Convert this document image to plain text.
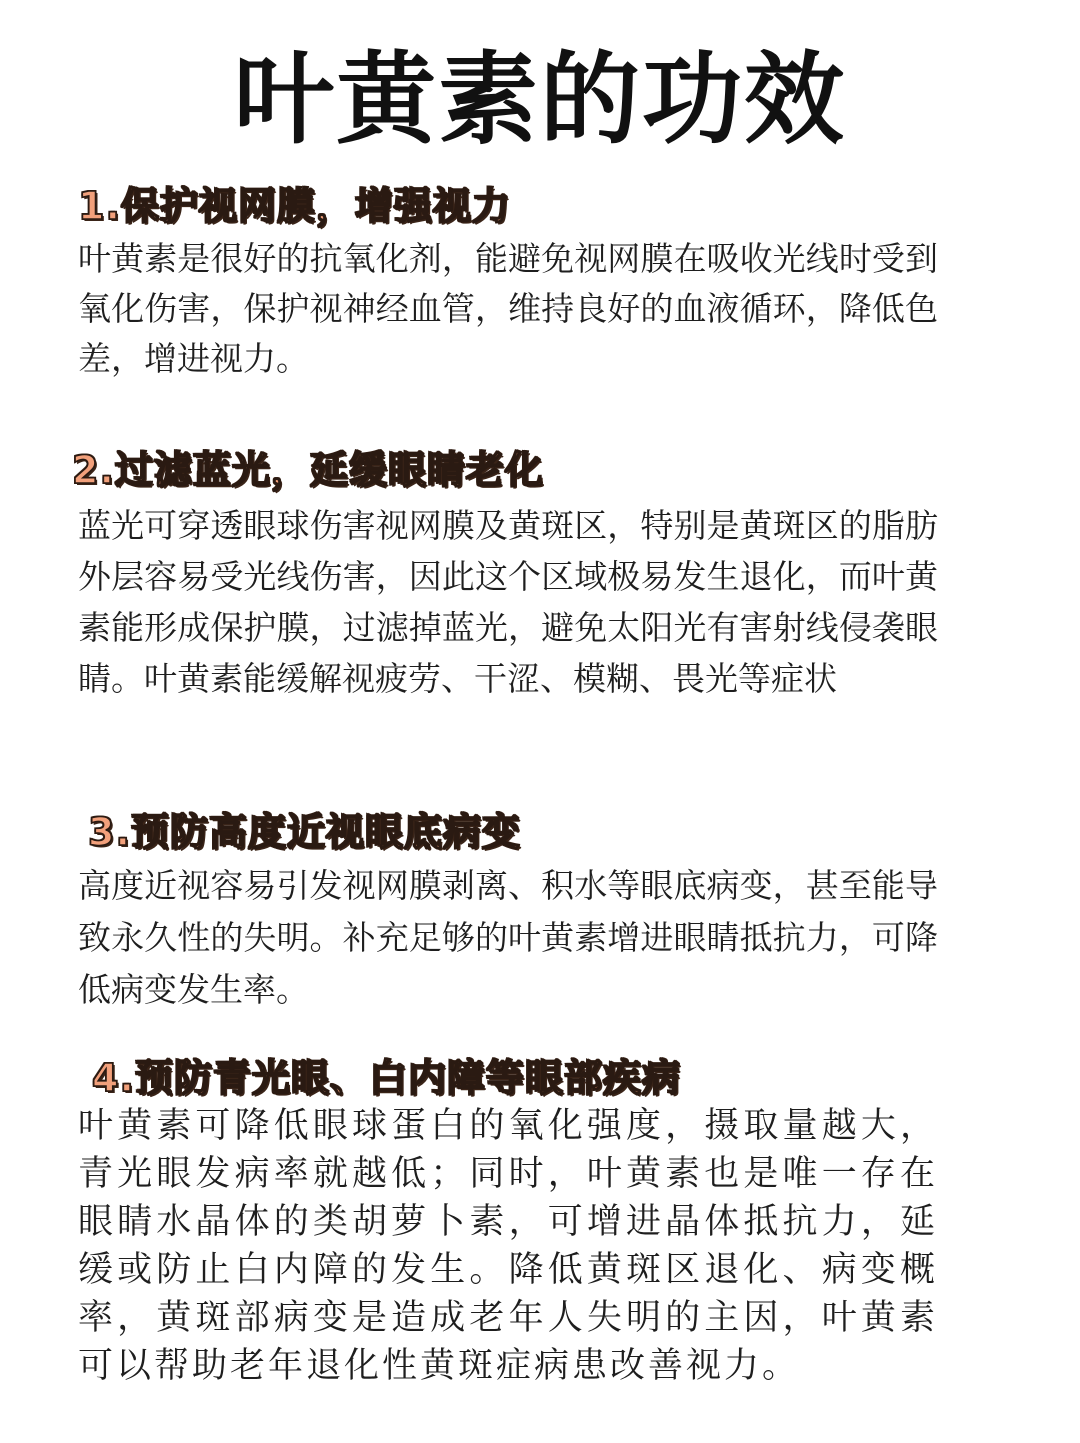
叶黄素的功效
1.保护视网膜，增强视力

叶黄素是很好的抗氧化剂，能避免视网膜在吸收光线时受到氧化伤害，保护视神经血管，维持良好的血液循环，降低色差，增进视力。

2.过滤蓝光，延缓眼睛老化

蓝光可穿透眼球伤害视网膜及黄斑区，特别是黄斑区的脂肪外层容易受光线伤害，因此这个区域极易发生退化，而叶黄素能形成保护膜，过滤掉蓝光，避免太阳光有害射线侵袭眼睛。叶黄素能缓解视疲劳、干涩、模糊、畏光等症状

3.预防高度近视眼底病变

高度近视容易引发视网膜剥离、积水等眼底病变，甚至能导致永久性的失明。补充足够的叶黄素增进眼睛抵抗力，可降低病变发生率。

4.预防青光眼、白内障等眼部疾病

叶黄素可降低眼球蛋白的氧化强度，摄取量越大，青光眼发病率就越低；同时，叶黄素也是唯一存在眼睛水晶体的类胡萝卜素，可增进晶体抵抗力，延缓或防止白内障的发生。降低黄斑区退化、病变概率，黄斑部病变是造成老年人失明的主因，叶黄素可以帮助老年退化性黄斑症病患改善视力。
